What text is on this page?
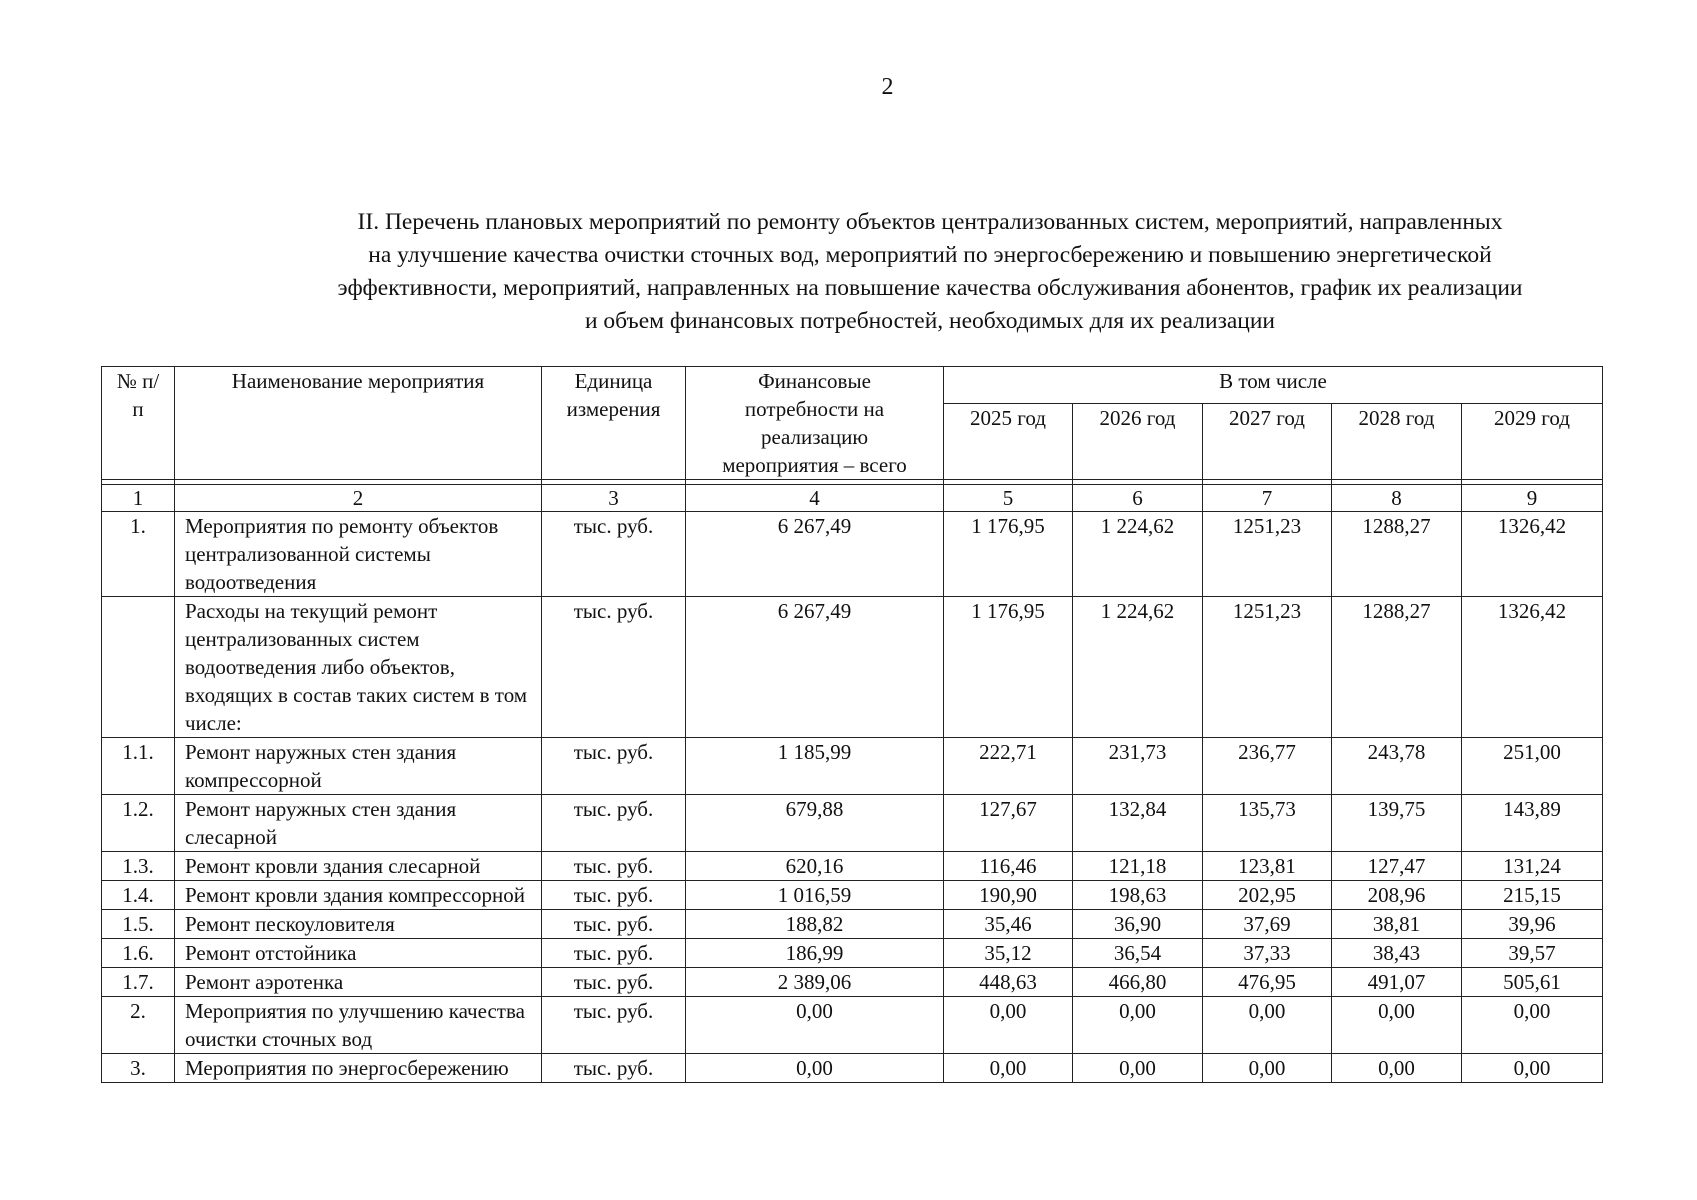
2
II. Перечень плановых мероприятий по ремонту объектов централизованных систем, мероприятий, направленных
на улучшение качества очистки сточных вод, мероприятий по энергосбережению и повышению энергетической
эффективности, мероприятий, направленных на повышение качества обслуживания абонентов, график их реализации
и объем финансовых потребностей, необходимых для их реализации
№ п/п	Наименование мероприятия	Единица измерения	Финансовые потребности на реализацию мероприятия – всего	В том числе				
				2025 год	2026 год	2027 год	2028 год	2029 год

1	2	3	4	5	6	7	8	9
1.	Мероприятия по ремонту объектов централизованной системы водоотведения	тыс. руб.	6 267,49	1 176,95	1 224,62	1251,23	1288,27	1326,42
	Расходы на текущий ремонт централизованных систем водоотведения либо объектов, входящих в состав таких систем в том числе:	тыс. руб.	6 267,49	1 176,95	1 224,62	1251,23	1288,27	1326,42
1.1.	Ремонт наружных стен здания компрессорной	тыс. руб.	1 185,99	222,71	231,73	236,77	243,78	251,00
1.2.	Ремонт наружных стен здания слесарной	тыс. руб.	679,88	127,67	132,84	135,73	139,75	143,89
1.3.	Ремонт кровли здания слесарной	тыс. руб.	620,16	116,46	121,18	123,81	127,47	131,24
1.4.	Ремонт кровли здания компрессорной	тыс. руб.	1 016,59	190,90	198,63	202,95	208,96	215,15
1.5.	Ремонт пескоуловителя	тыс. руб.	188,82	35,46	36,90	37,69	38,81	39,96
1.6.	Ремонт отстойника	тыс. руб.	186,99	35,12	36,54	37,33	38,43	39,57
1.7.	Ремонт аэротенка	тыс. руб.	2 389,06	448,63	466,80	476,95	491,07	505,61
2.	Мероприятия по улучшению качества очистки сточных вод	тыс. руб.	0,00	0,00	0,00	0,00	0,00	0,00
3.	Мероприятия по энергосбережению	тыс. руб.	0,00	0,00	0,00	0,00	0,00	0,00
